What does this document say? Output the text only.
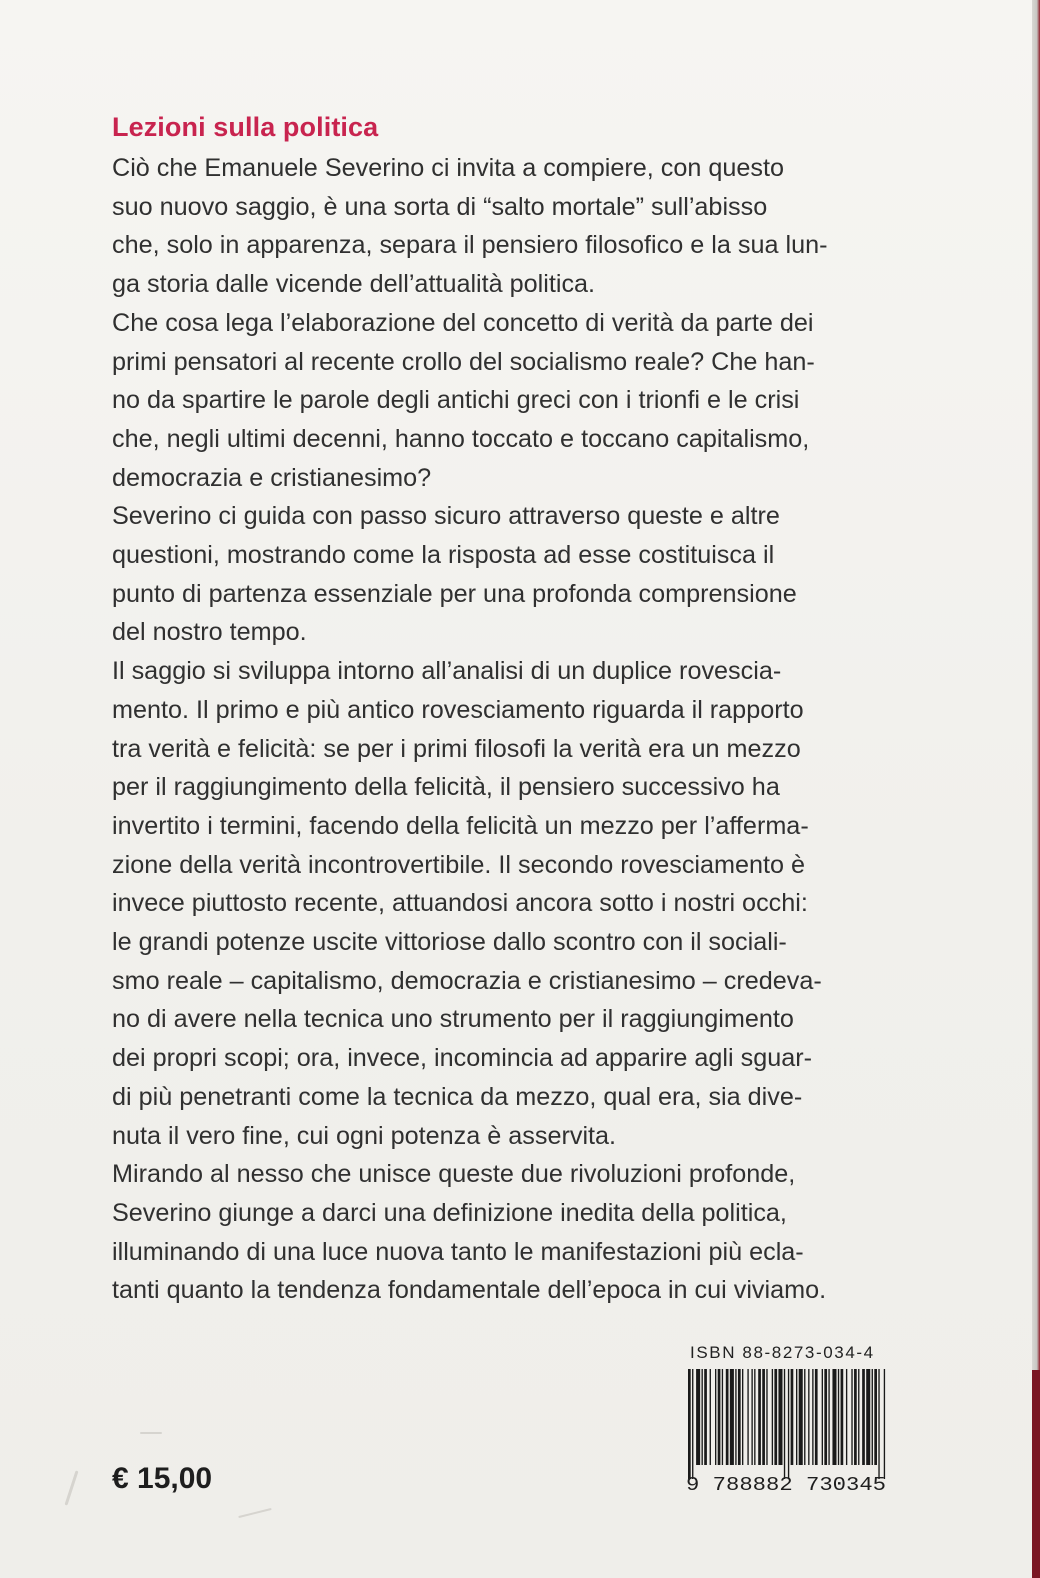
Lezioni sulla politica
Ciò che Emanuele Severino ci invita a compiere, con questo
suo nuovo saggio, è una sorta di “salto mortale” sull’abisso
che, solo in apparenza, separa il pensiero filosofico e la sua lun-
ga storia dalle vicende dell’attualità politica.
Che cosa lega l’elaborazione del concetto di verità da parte dei
primi pensatori al recente crollo del socialismo reale? Che han-
no da spartire le parole degli antichi greci con i trionfi e le crisi
che, negli ultimi decenni, hanno toccato e toccano capitalismo,
democrazia e cristianesimo?
Severino ci guida con passo sicuro attraverso queste e altre
questioni, mostrando come la risposta ad esse costituisca il
punto di partenza essenziale per una profonda comprensione
del nostro tempo.
Il saggio si sviluppa intorno all’analisi di un duplice rovescia-
mento. Il primo e più antico rovesciamento riguarda il rapporto
tra verità e felicità: se per i primi filosofi la verità era un mezzo
per il raggiungimento della felicità, il pensiero successivo ha
invertito i termini, facendo della felicità un mezzo per l’afferma-
zione della verità incontrovertibile. Il secondo rovesciamento è
invece piuttosto recente, attuandosi ancora sotto i nostri occhi:
le grandi potenze uscite vittoriose dallo scontro con il sociali-
smo reale – capitalismo, democrazia e cristianesimo – credeva-
no di avere nella tecnica uno strumento per il raggiungimento
dei propri scopi; ora, invece, incomincia ad apparire agli sguar-
di più penetranti come la tecnica da mezzo, qual era, sia dive-
nuta il vero fine, cui ogni potenza è asservita.
Mirando al nesso che unisce queste due rivoluzioni profonde,
Severino giunge a darci una definizione inedita della politica,
illuminando di una luce nuova tanto le manifestazioni più ecla-
tanti quanto la tendenza fondamentale dell’epoca in cui viviamo.
ISBN 88-8273-034-4
9 788882 730345
€ 15,00
